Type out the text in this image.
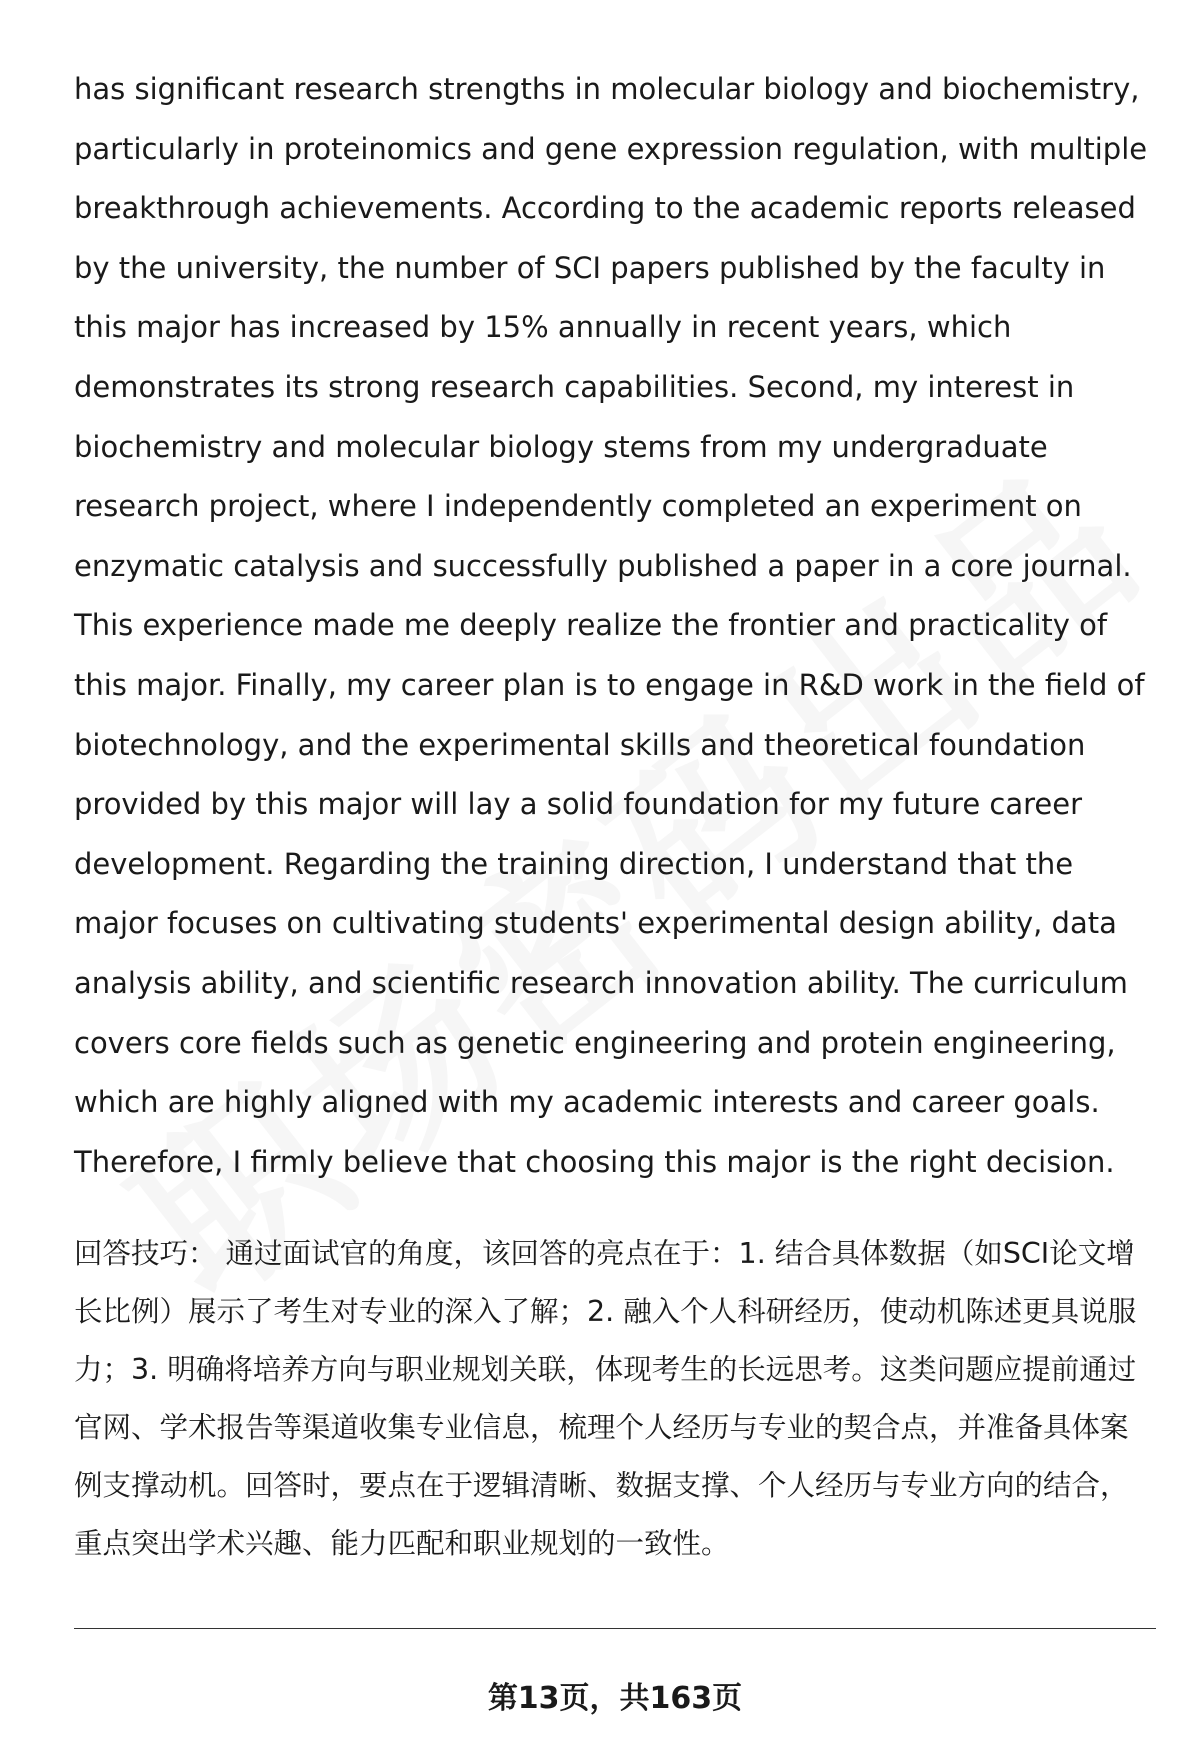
has significant research strengths in molecular biology and biochemistry, particularly in proteinomics and gene expression regulation, with multiple breakthrough achievements. According to the academic reports released by the university, the number of SCI papers published by the faculty in this major has increased by 15% annually in recent years, which demonstrates its strong research capabilities. Second, my interest in biochemistry and molecular biology stems from my undergraduate research project, where I independently completed an experiment on enzymatic catalysis and successfully published a paper in a core journal. This experience made me deeply realize the frontier and practicality of this major. Finally, my career plan is to engage in R&D work in the field of biotechnology, and the experimental skills and theoretical foundation provided by this major will lay a solid foundation for my future career development. Regarding the training direction, I understand that the major focuses on cultivating students' experimental design ability, data analysis ability, and scientific research innovation ability. The curriculum covers core fields such as genetic engineering and protein engineering, which are highly aligned with my academic interests and career goals. Therefore, I firmly believe that choosing this major is the right decision.

回答技巧： 通过面试官的角度，该回答的亮点在于：1. 结合具体数据（如SCI论文增长比例）展示了考生对专业的深入了解；2. 融入个人科研经历，使动机陈述更具说服力；3. 明确将培养方向与职业规划关联，体现考生的长远思考。这类问题应提前通过官网、学术报告等渠道收集专业信息，梳理个人经历与专业的契合点，并准备具体案例支撑动机。回答时，要点在于逻辑清晰、数据支撑、个人经历与专业方向的结合，重点突出学术兴趣、能力匹配和职业规划的一致性。

第13页，共163页
